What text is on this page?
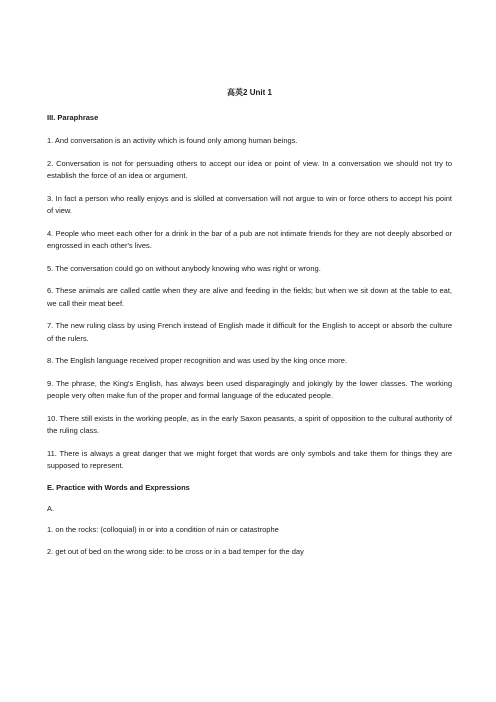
高英2 Unit 1
III. Paraphrase
1. And conversation is an activity which is found only among human beings.
2. Conversation is not for persuading others to accept our idea or point of view. In a conversation we should not try to establish the force of an idea or argument.
3. In fact a person who really enjoys and is skilled at conversation will not argue to win or force others to accept his point of view.
4. People who meet each other for a drink in the bar of a pub are not intimate friends for they are not deeply absorbed or engrossed in each other's lives.
5. The conversation could go on without anybody knowing who was right or wrong.
6. These animals are called cattle when they are alive and feeding in the fields; but when we sit down at the table to eat, we call their meat beef.
7. The new ruling class by using French instead of English made it difficult for the English to accept or absorb the culture of the rulers.
8. The English language received proper recognition and was used by the king once more.
9. The phrase, the King's English, has always been used disparagingly and jokingly by the lower classes. The working people very often make fun of the proper and formal language of the educated people.
10. There still exists in the working people, as in the early Saxon peasants, a spirit of opposition to the cultural authority of the ruling class.
11. There is always a great danger that we might forget that words are only symbols and take them for things they are supposed to represent.
E. Practice with Words and Expressions
A.
1. on the rocks: (colloquial) in or into a condition of ruin or catastrophe
2. get out of bed on the wrong side: to be cross or in a bad temper for the day
